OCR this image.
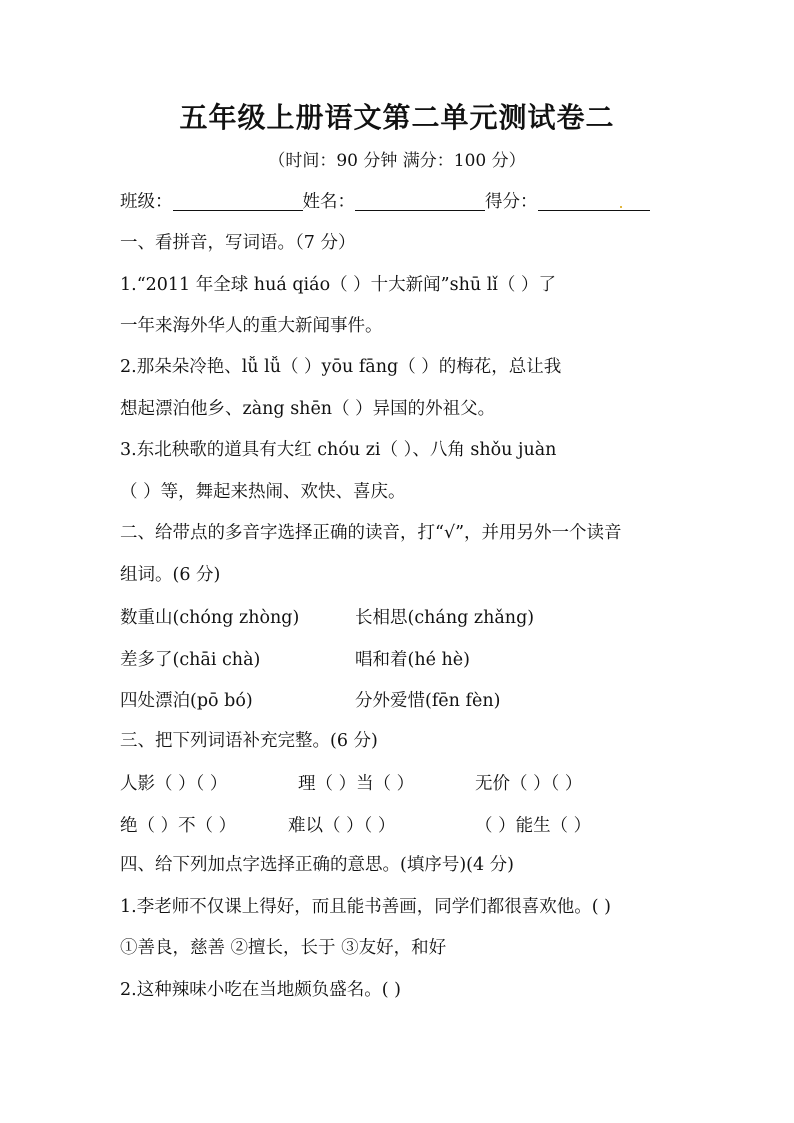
五年级上册语文第二单元测试卷二
（时间：90 分钟 满分：100 分）
班级：	姓名：	得分：
一、看拼音，写词语。（7 分）
1.“2011 年全球 huá qiáo（ ）十大新闻”shū lǐ（ ）了
一年来海外华人的重大新闻事件。
2.那朵朵冷艳、lǚ lǚ（ ）yōu fāng（ ）的梅花，总让我
想起漂泊他乡、zàng shēn（ ）异国的外祖父。
3.东北秧歌的道具有大红 chóu zi（ ）、八角 shǒu juàn
（ ）等，舞起来热闹、欢快、喜庆。
二、给带点的多音字选择正确的读音，打“√”，并用另外一个读音
组词。(6 分)
数重山(chóng zhòng)	长相思(cháng zhǎng)
差多了(chāi chà)	唱和着(hé hè)
四处漂泊(pō bó)	分外爱惜(fēn fèn)
三、把下列词语补充完整。(6 分)
人影（ ）（ ）	理（ ）当（ ）	无价（ ）（ ）
绝（ ）不（ ）	难以（ ）（ ）	（ ）能生（ ）
四、给下列加点字选择正确的意思。(填序号)(4 分)
1.李老师不仅课上得好，而且能书善画，同学们都很喜欢他。( )
①善良，慈善 ②擅长，长于 ③友好，和好
2.这种辣味小吃在当地颇负盛名。( )
